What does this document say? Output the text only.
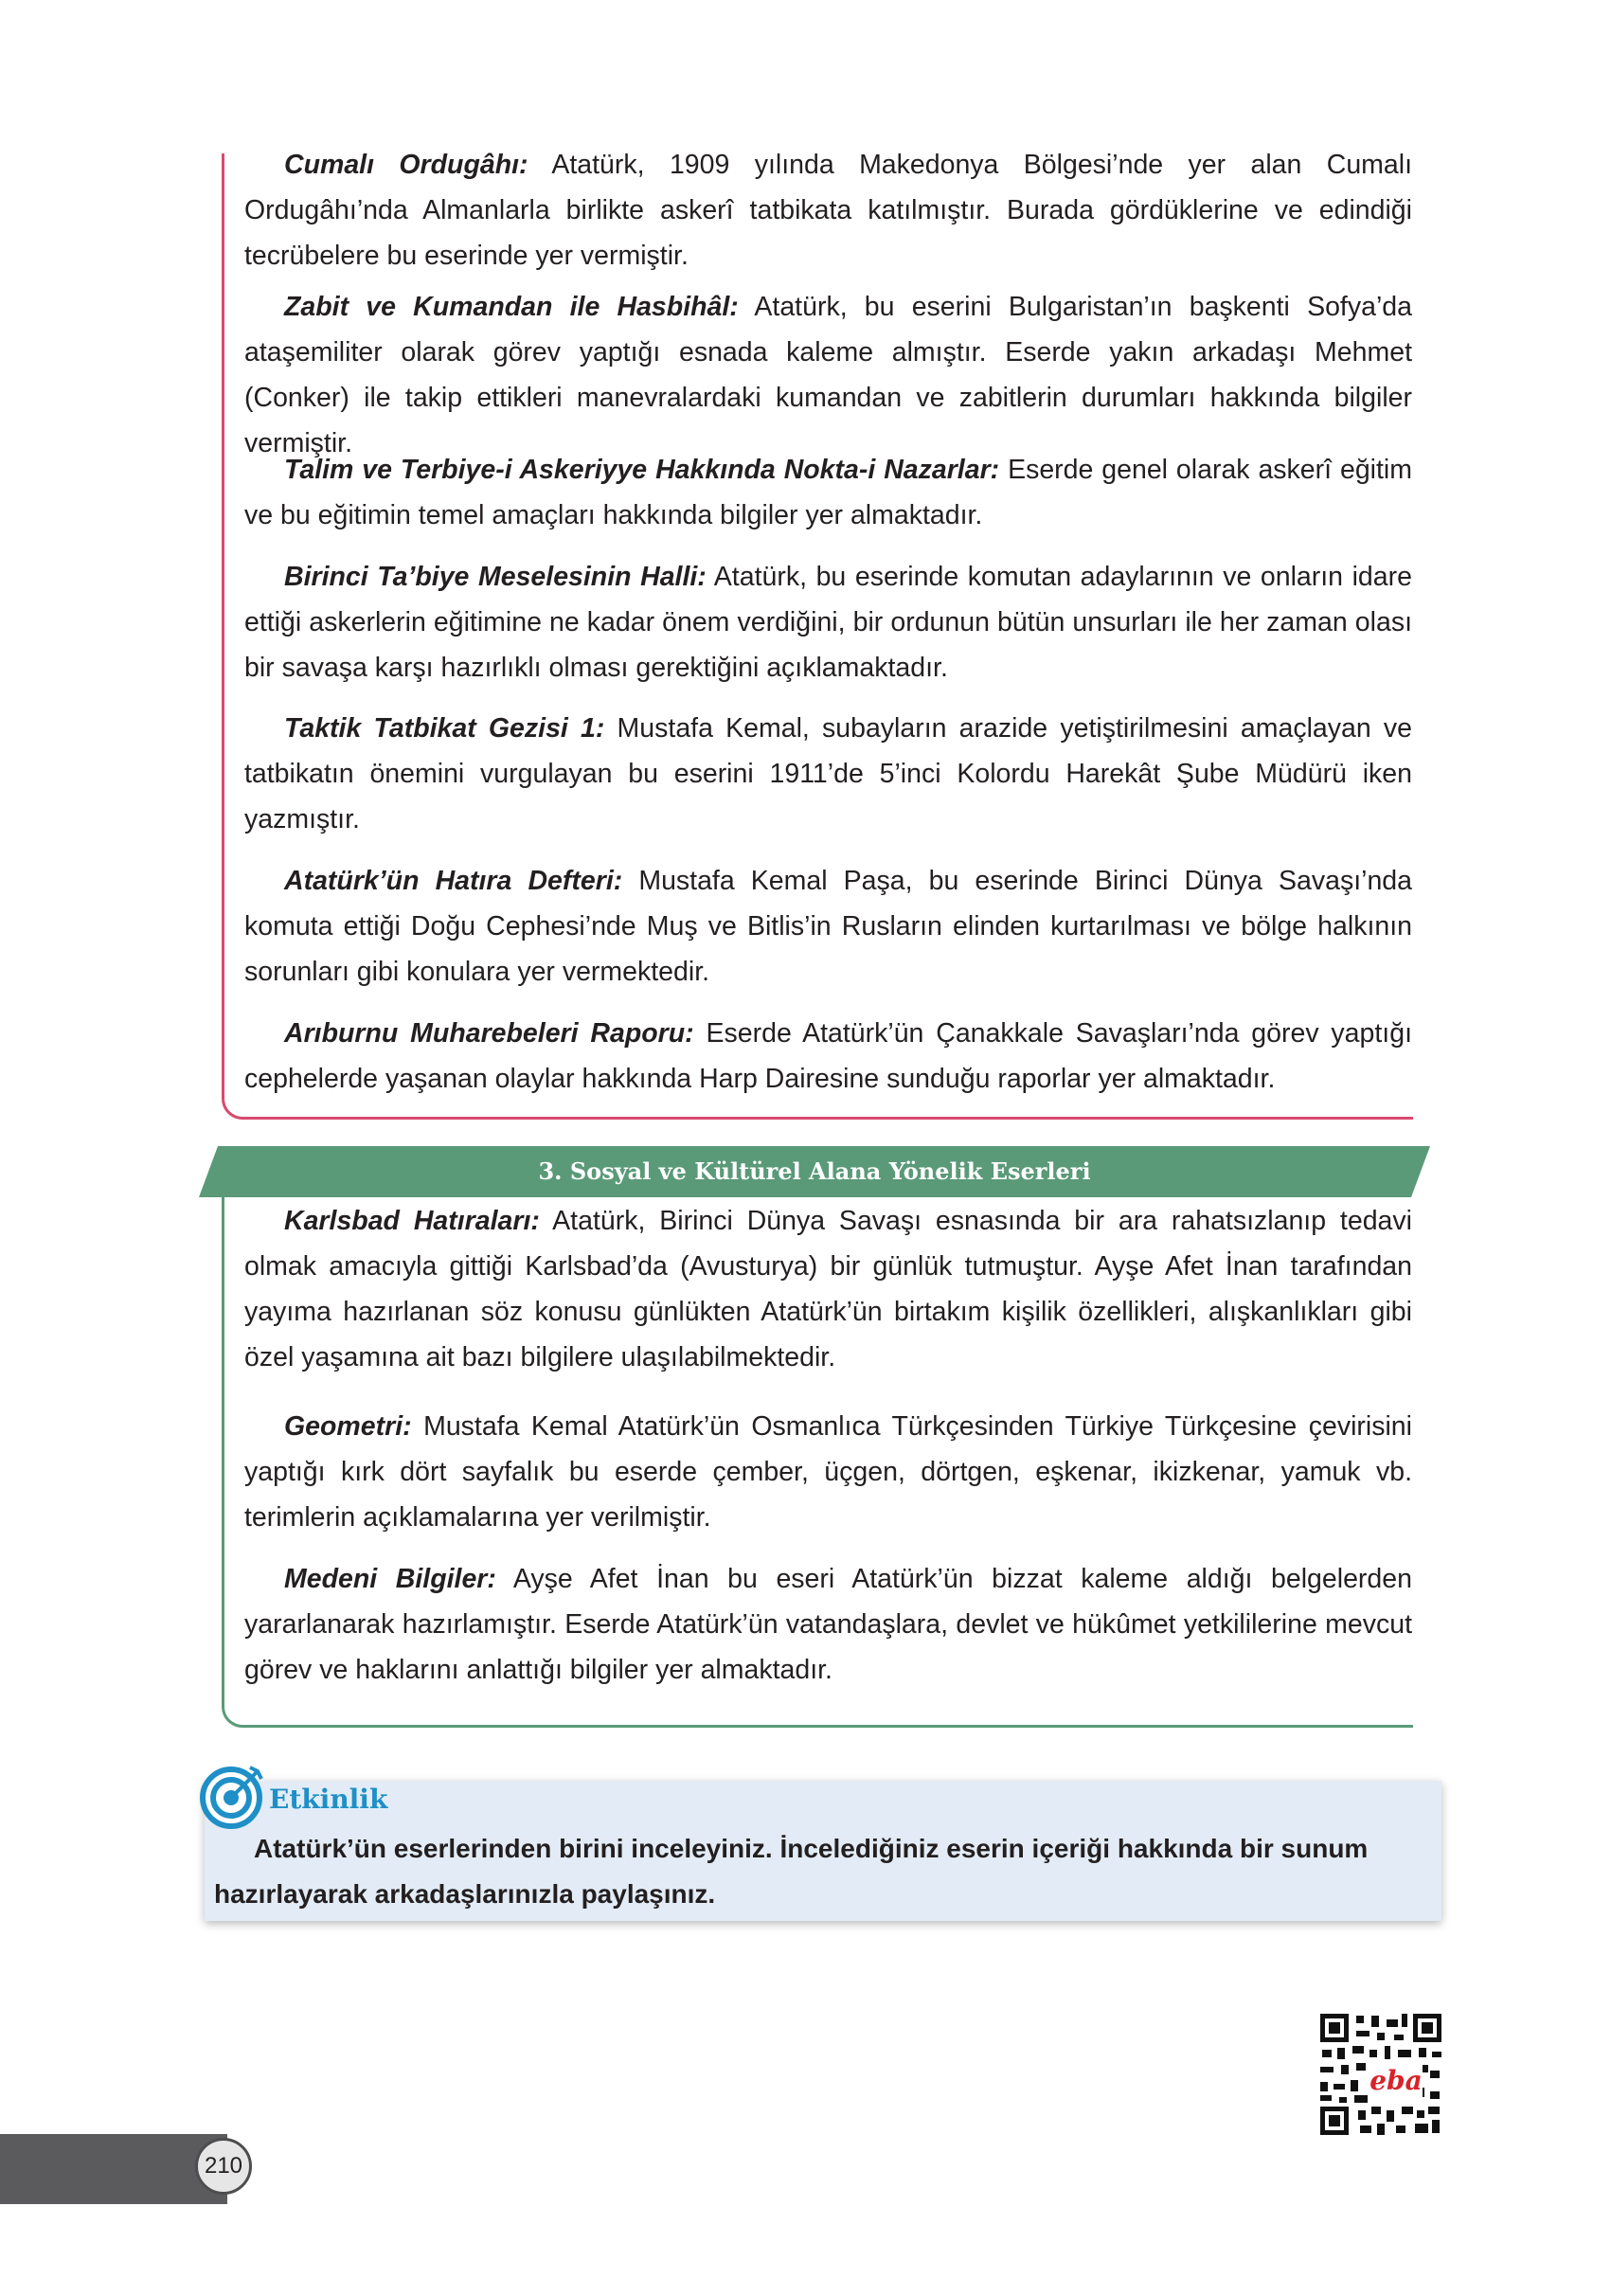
Cumalı Ordugâhı: Atatürk, 1909 yılında Makedonya Bölgesi’nde yer alan Cumalı Ordugâhı’nda Almanlarla birlikte askerî tatbikata katılmıştır. Burada gördüklerine ve edindiği tecrübelere bu eserinde yer vermiştir.

Zabit ve Kumandan ile Hasbihâl: Atatürk, bu eserini Bulgaristan’ın başkenti Sofya’da ataşemiliter olarak görev yaptığı esnada kaleme almıştır. Eserde yakın arkadaşı Mehmet (Conker) ile takip ettikleri manevralardaki kumandan ve zabitlerin durumları hakkında bilgiler vermiştir.

Talim ve Terbiye-i Askeriyye Hakkında Nokta-i Nazarlar: Eserde genel olarak askerî eğitim ve bu eğitimin temel amaçları hakkında bilgiler yer almaktadır.

Birinci Ta’biye Meselesinin Halli: Atatürk, bu eserinde komutan adaylarının ve onların idare ettiği askerlerin eğitimine ne kadar önem verdiğini, bir ordunun bütün unsurları ile her zaman olası bir savaşa karşı hazırlıklı olması gerektiğini açıklamaktadır.

Taktik Tatbikat Gezisi 1: Mustafa Kemal, subayların arazide yetiştirilmesini amaçlayan ve tatbikatın önemini vurgulayan bu eserini 1911’de 5’inci Kolordu Harekât Şube Müdürü iken yazmıştır.

Atatürk’ün Hatıra Defteri: Mustafa Kemal Paşa, bu eserinde Birinci Dünya Savaşı’nda komuta ettiği Doğu Cephesi’nde Muş ve Bitlis’in Rusların elinden kurtarılması ve bölge halkının sorunları gibi konulara yer vermektedir.

Arıburnu Muharebeleri Raporu: Eserde Atatürk’ün Çanakkale Savaşları’nda görev yaptığı cephelerde yaşanan olaylar hakkında Harp Dairesine sunduğu raporlar yer almaktadır.

3. Sosyal ve Kültürel Alana Yönelik Eserleri

Karlsbad Hatıraları: Atatürk, Birinci Dünya Savaşı esnasında bir ara rahatsızlanıp tedavi olmak amacıyla gittiği Karlsbad’da (Avusturya) bir günlük tutmuştur. Ayşe Afet İnan tarafından yayıma hazırlanan söz konusu günlükten Atatürk’ün birtakım kişilik özellikleri, alışkanlıkları gibi özel yaşamına ait bazı bilgilere ulaşılabilmektedir.

Geometri: Mustafa Kemal Atatürk’ün Osmanlıca Türkçesinden Türkiye Türkçesine çevirisini yaptığı kırk dört sayfalık bu eserde çember, üçgen, dörtgen, eşkenar, ikizkenar, yamuk vb. terimlerin açıklamalarına yer verilmiştir.

Medeni Bilgiler: Ayşe Afet İnan bu eseri Atatürk’ün bizzat kaleme aldığı belgelerden yararlanarak hazırlamıştır. Eserde Atatürk’ün vatandaşlara, devlet ve hükûmet yetkililerine mevcut görev ve haklarını anlattığı bilgiler yer almaktadır.

Etkinlik

Atatürk’ün eserlerinden birini inceleyiniz. İncelediğiniz eserin içeriği hakkında bir sunum hazırlayarak arkadaşlarınızla paylaşınız.

eba
210
